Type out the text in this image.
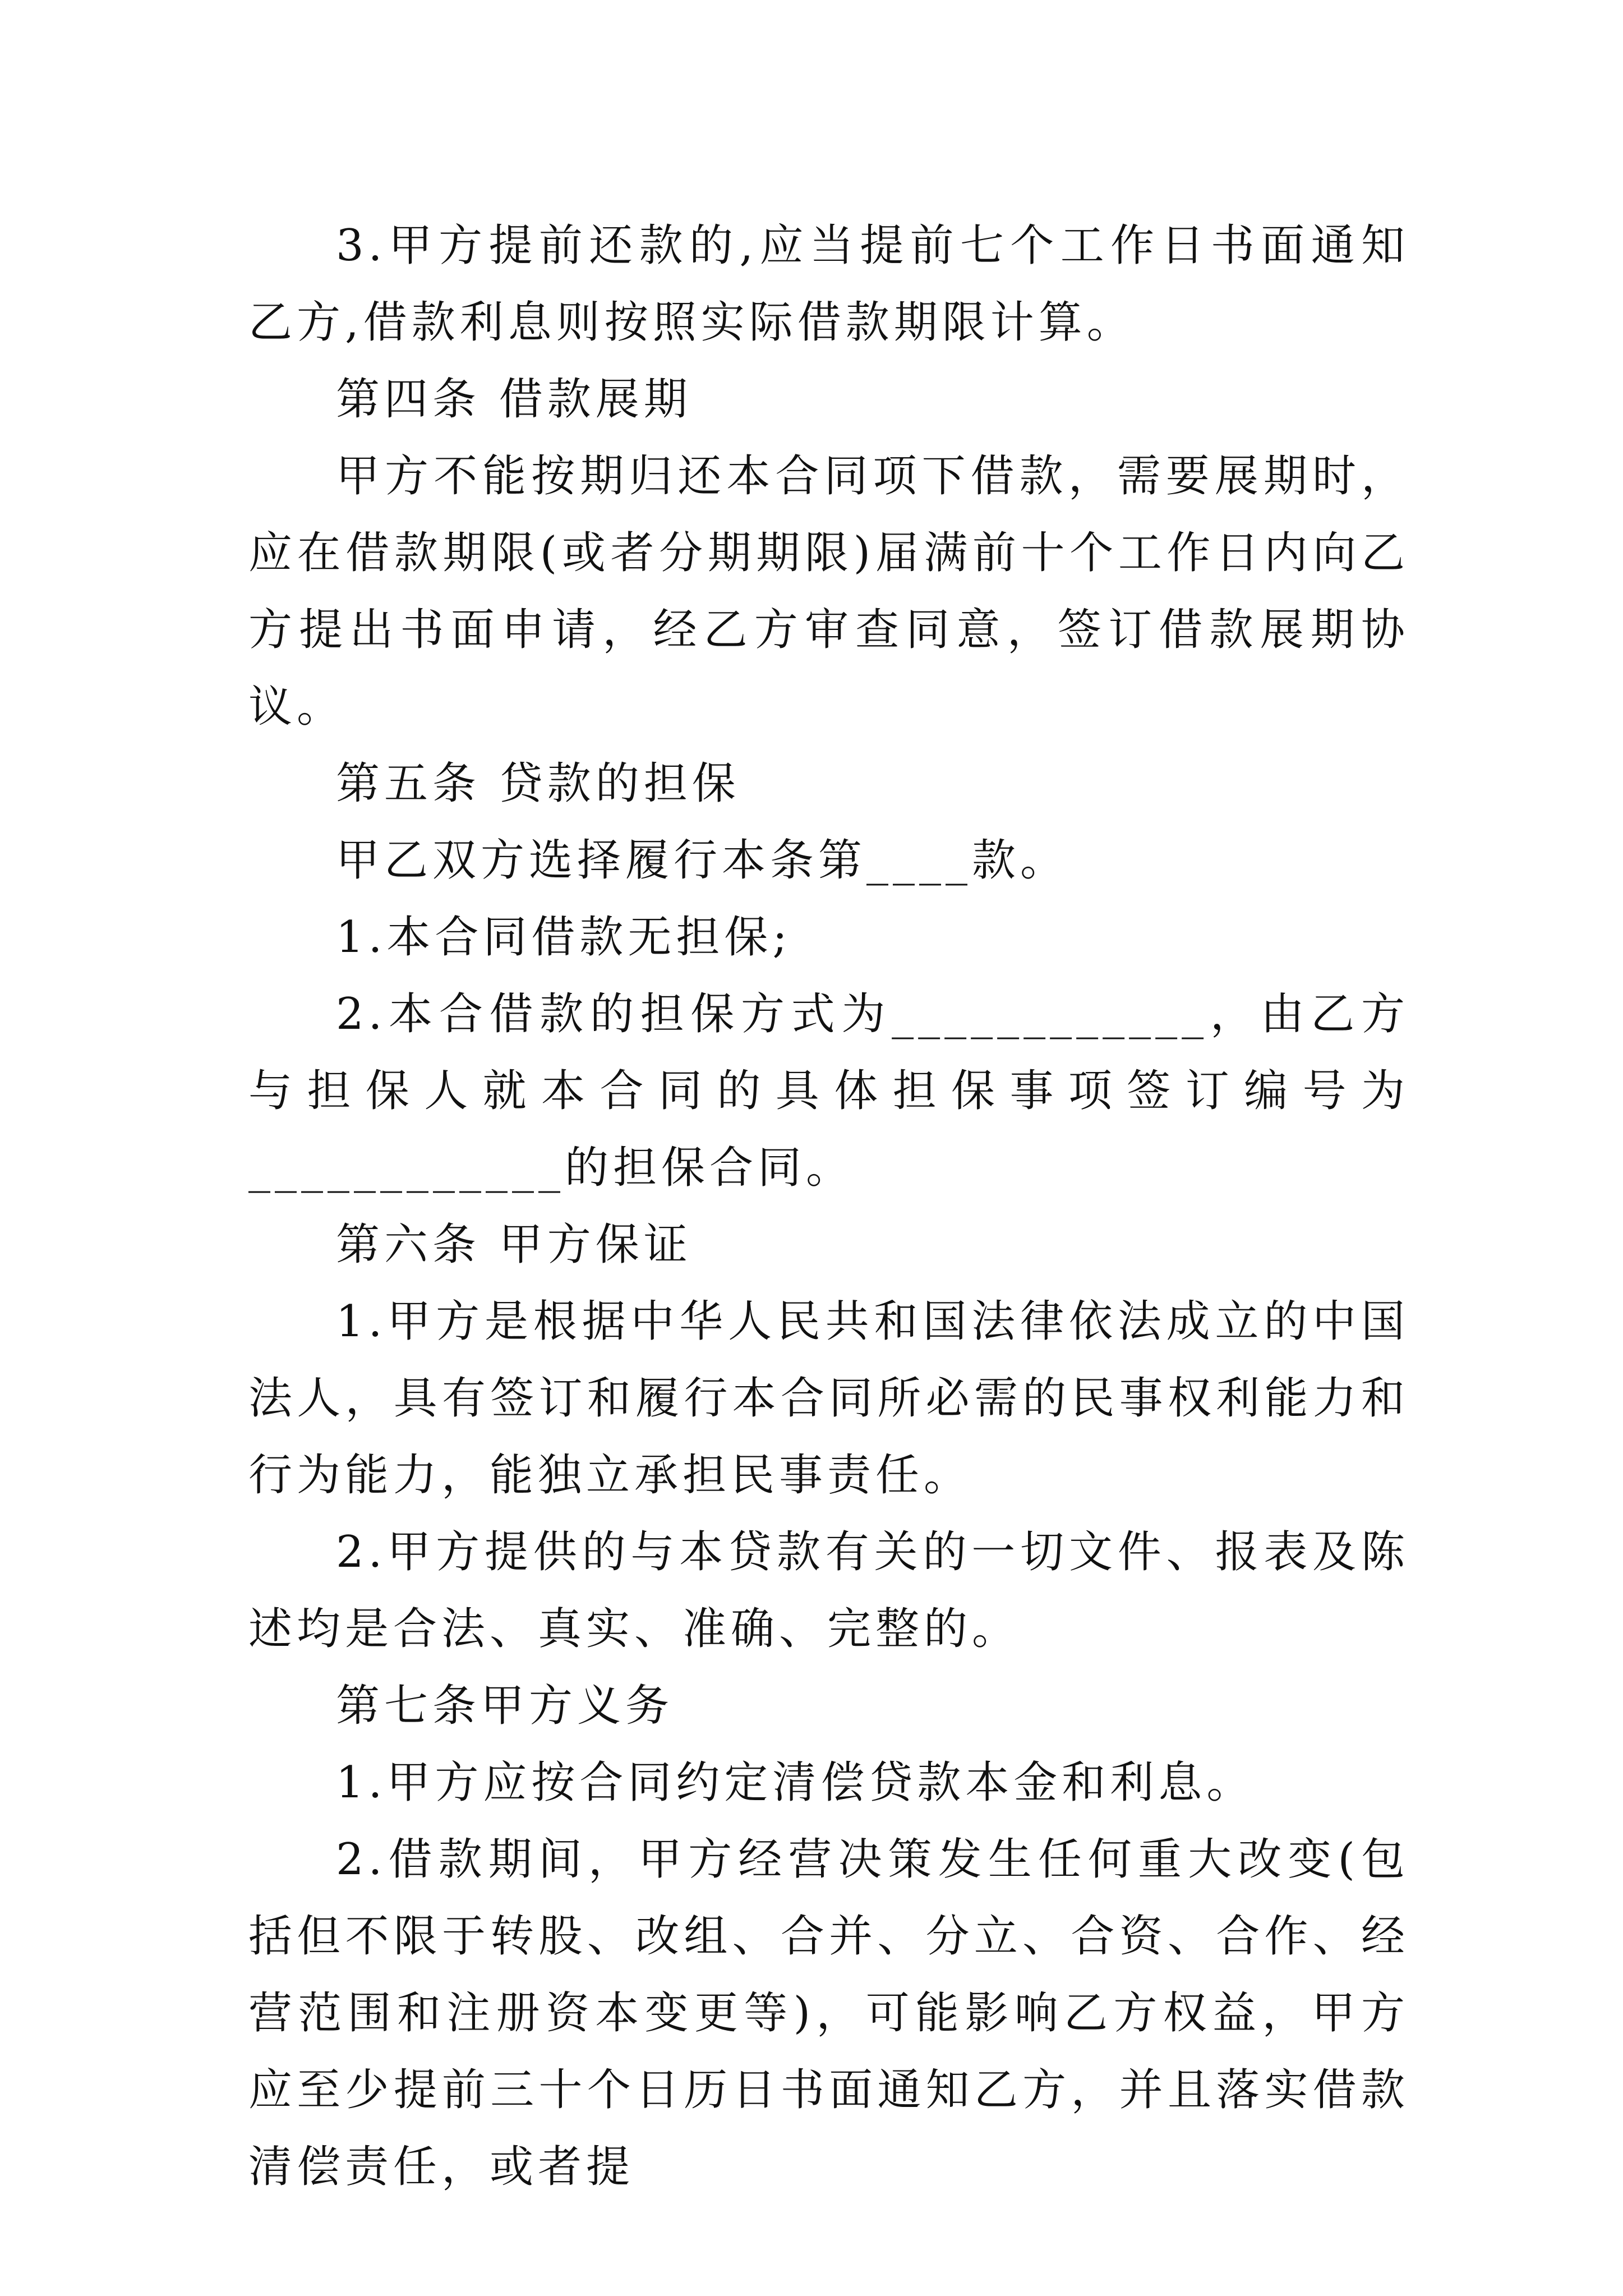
3.甲方提前还款的,应当提前七个工作日书面通知乙方,借款利息则按照实际借款期限计算。

第四条 借款展期

甲方不能按期归还本合同项下借款，需要展期时，应在借款期限(或者分期期限)届满前十个工作日内向乙方提出书面申请，经乙方审查同意，签订借款展期协议。

第五条 贷款的担保

甲乙双方选择履行本条第____款。

1.本合同借款无担保;

2.本合借款的担保方式为____________，由乙方与担保人就本合同的具体担保事项签订编号为____________的担保合同。

第六条 甲方保证

1.甲方是根据中华人民共和国法律依法成立的中国法人，具有签订和履行本合同所必需的民事权利能力和行为能力，能独立承担民事责任。

2.甲方提供的与本贷款有关的一切文件、报表及陈述均是合法、真实、准确、完整的。

第七条甲方义务

1.甲方应按合同约定清偿贷款本金和利息。

2.借款期间，甲方经营决策发生任何重大改变(包括但不限于转股、改组、合并、分立、合资、合作、经营范围和注册资本变更等)，可能影响乙方权益，甲方应至少提前三十个日历日书面通知乙方，并且落实借款清偿责任，或者提
